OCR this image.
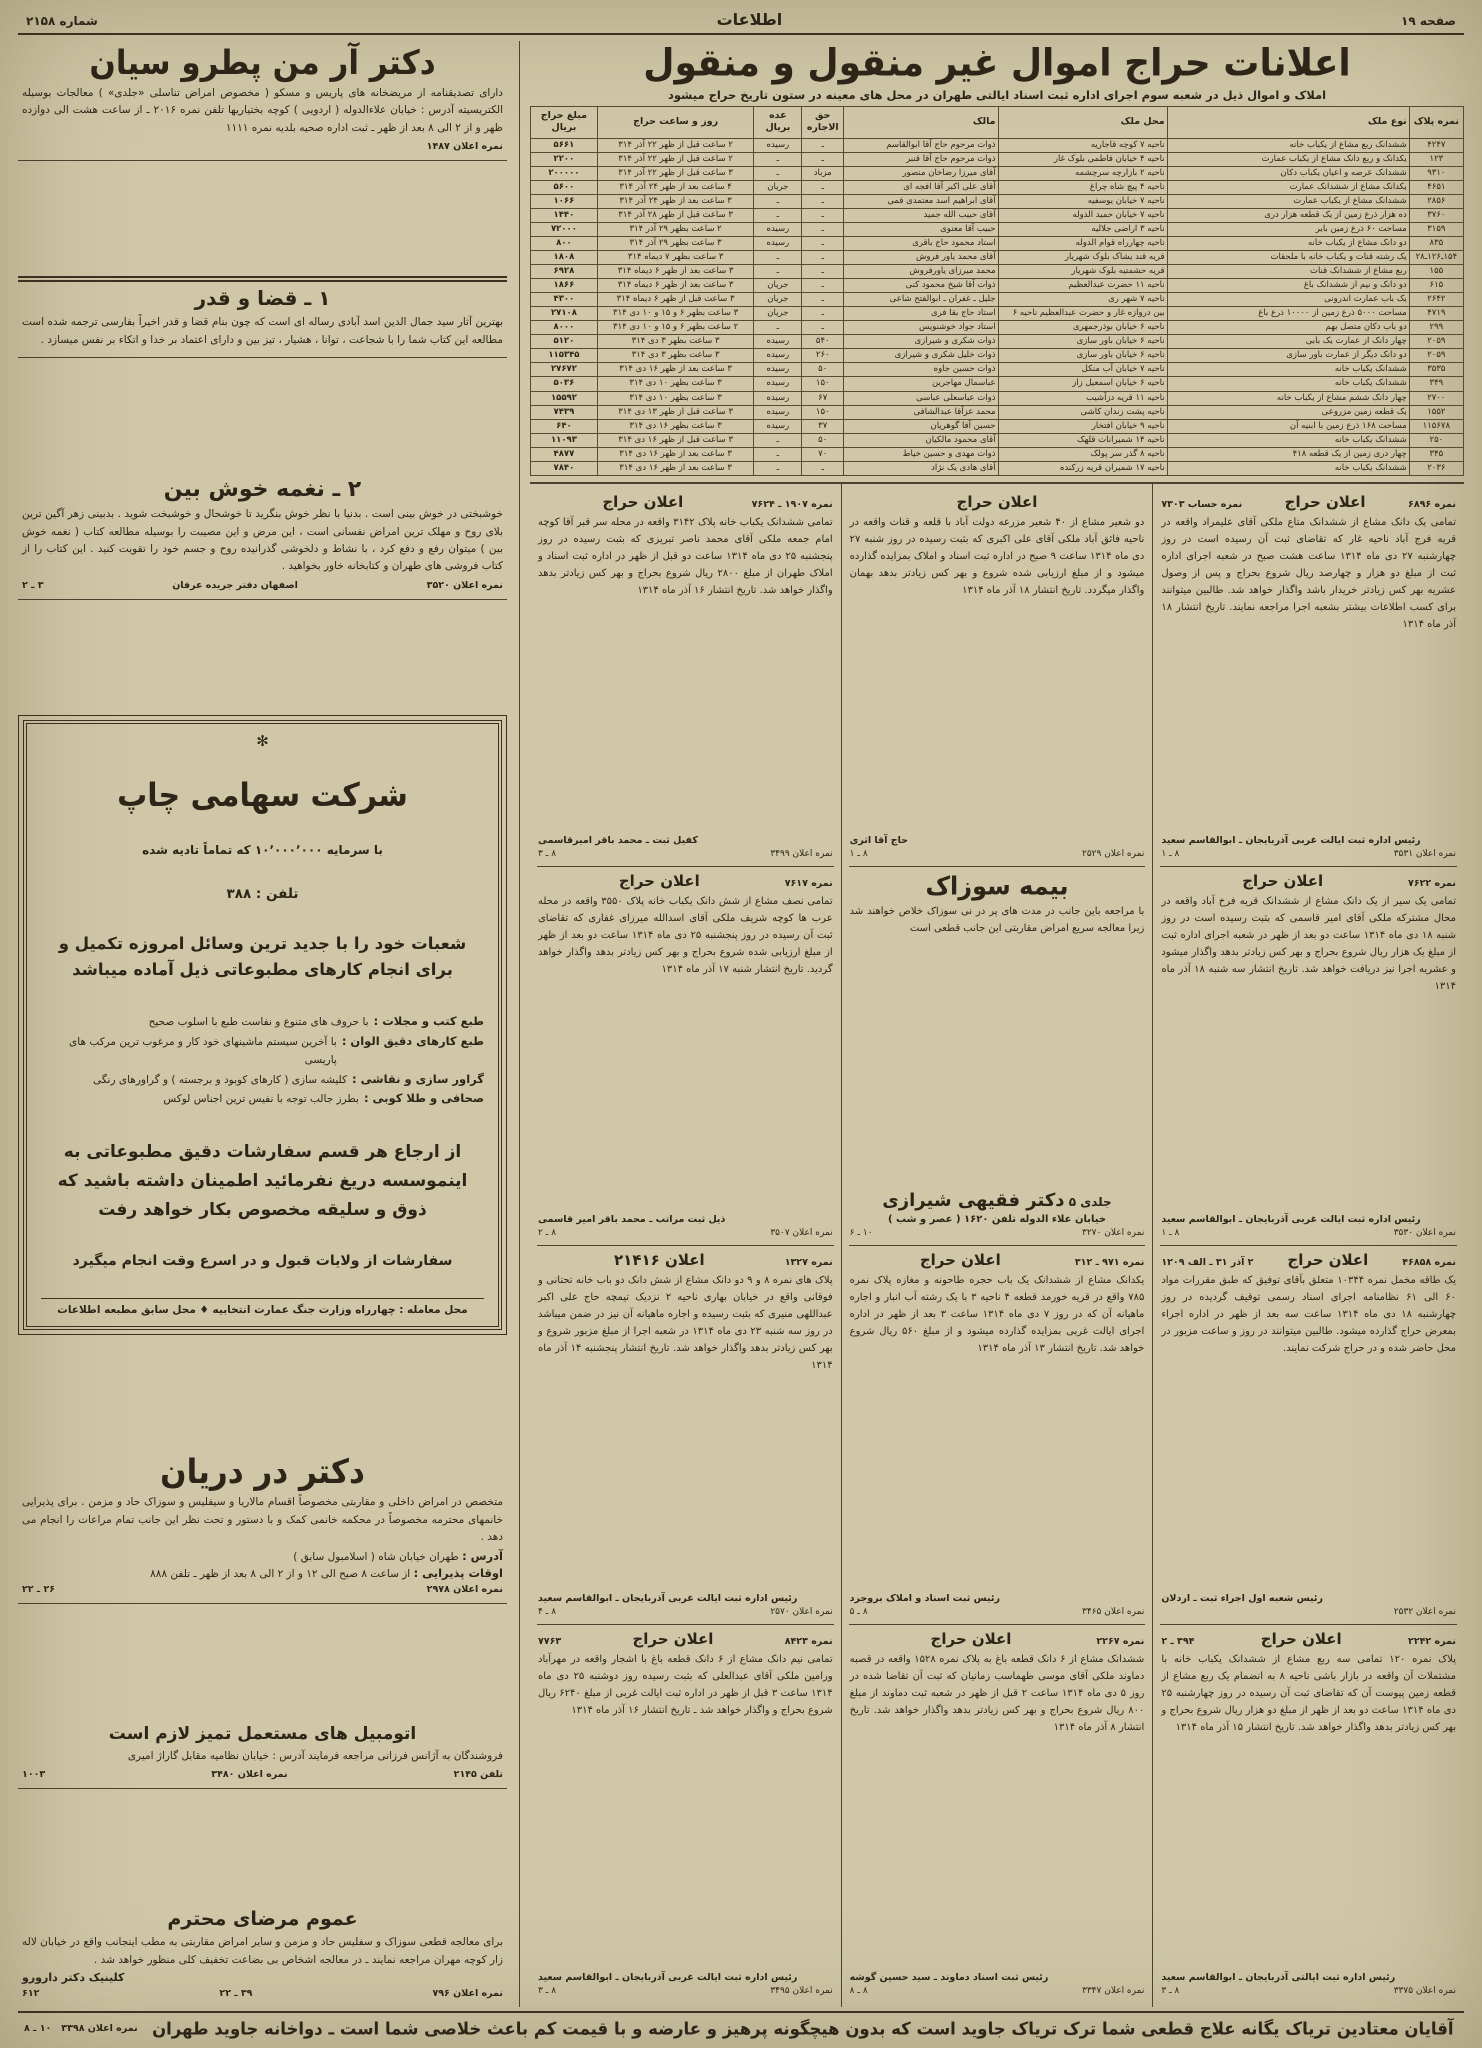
صفحه ۱۹
اطلاعات
شماره ۲۱۵۸
اعلانات حراج اموال غیر منقول و منقول

املاک و اموال ذیل در شعبه سوم اجرای اداره ثبت اسناد ایالتی طهران در محل های معینه در ستون تاریخ حراج میشود

نمره پلاک	نوع ملک	محل ملک	مالک	حق الاجاره	عده بریال	روز و ساعت حراج	مبلغ حراج بریال
۴۲۴۷	ششدانک ربع مشاع از یکباب خانه	ناحیه ۷ کوچه قاجاریه	ذوات مرحوم حاج آقا ابوالقاسم	ـ	رسیده	۲ ساعت قبل از ظهر ۲۲ آذر ۳۱۴	۵۶۶۱
۱۲۳	یکدانک و ربع دانک مشاع از یکباب عمارت	ناحیه ۴ خیابان فاطمی بلوک غار	ذوات مرحوم حاج آقا قنبر	ـ	ـ	۲ ساعت قبل از ظهر ۲۲ آذر ۳۱۴	۲۲۰۰
۹۳۱۰	ششدانک عرصه و اعیان یکباب دکان	ناحیه ۲ بازارچه سرچشمه	آقای میرزا رضاخان منصور	مزباد	ـ	۳ ساعت قبل از ظهر ۲۲ آذر ۳۱۴	۲۰۰۰۰۰
۴۶۵۱	یکدانک مشاع از ششدانک عمارت	ناحیه ۴ پیچ شاه چراغ	آقای علی اکبر آقا افجه ای	ـ	جریان	۴ ساعت بعد از ظهر ۲۴ آذر ۳۱۴	۵۶۰۰
۲۸۵۶	ششدانک مشاع از یکباب عمارت	ناحیه ۷ خیابان یوسفیه	آقای ابراهیم اسد معتمدی قمی	ـ	ـ	۳ ساعت بعد از ظهر ۲۴ آذر ۳۱۴	۱۰۶۶
۳۷۶۰	ده هزار ذرع زمین از یک قطعه هزار دری	ناحیه ۷ خیابان حمید الدوله	آقای حبیب الله جمید	ـ	ـ	۳ ساعت قبل از ظهر ۲۸ آذر ۳۱۴	۱۴۴۰
۳۱۵۹	مساحت ۶۰ ذرع زمین بایر	ناحیه ۳ اراضی جلالیه	حبیب آقا معنوی	ـ	رسیده	۲ ساعت بظهر ۲۹ آذر ۳۱۴	۷۲۰۰۰
۸۳۵	دو دانک مشاع از یکباب خانه	ناحیه چهارراه قوام الدوله	استاد محمود حاج باقری	ـ	رسیده	۳ ساعت بظهر ۲۹ آذر ۳۱۴	۸۰۰
۱۵۴ـ۱۲۶ـ۲۸	یک رشته قنات و یکباب خانه با ملحقات	قریه قند یشاک بلوک شهریار	آقای محمد یاور فروش	ـ	ـ	۳ ساعت بظهر ۷ دیماه ۳۱۴	۱۸۰۸
۱۵۵	ربع مشاع از ششدانک قنات	قریه حشمتیه بلوک شهریار	محمد میرزای یاورفروش	ـ	ـ	۳ ساعت بعد از ظهر ۶ دیماه ۳۱۴	۶۹۲۸
۶۱۵	دو دانک و نیم از ششدانک باغ	ناحیه ۱۱ حضرت عبدالعظیم	ذوات آقا شیخ محمود کنی	ـ	جریان	۳ ساعت بعد از ظهر ۶ دیماه ۳۱۴	۱۸۶۶
۲۶۴۲	یک باب عمارت اندرونی	ناحیه ۷ شهر ری	جلیل ـ غفران ـ ابوالفتح شاعی	ـ	جریان	۳ ساعت قبل از ظهر ۶ دیماه ۳۱۴	۴۳۰۰
۴۷۱۹	مساحت ۵۰۰۰ ذرع زمین از ۱۰۰۰۰ ذرع باغ	بین دروازه غار و حضرت عبدالعظیم ناحیه ۶	استاد حاج بقا فری	ـ	جریان	۳ ساعت بظهر ۶ و ۱۵ و ۱۰ دی ۳۱۴	۲۷۱۰۸
۲۹۹	دو باب دکان متصل بهم	ناحیه ۶ خیابان بوذرجمهری	استاد جواد خوشنویس	ـ	ـ	۲ ساعت بظهر ۶ و ۱۵ و ۱۰ دی ۳۱۴	۸۰۰۰
۲۰۵۹	چهار دانک از عمارت یک بابی	ناحیه ۶ خیابان باور سازی	ذوات شکری و شیرازی	۵۴۰	رسیده	۳ ساعت بظهر ۳ دی ۳۱۴	۵۱۲۰
۲۰۵۹	دو دانک دیگر از عمارت باور سازی	ناحیه ۶ خیابان باور سازی	ذوات خلیل شکری و شیرازی	۲۶۰	رسیده	۳ ساعت بظهر ۳ دی ۳۱۴	۱۱۵۳۴۵
۳۵۳۵	ششدانک یکباب خانه	ناحیه ۷ خیابان آب منکل	ذوات حسین جاوه	۵۰	رسیده	۳ ساعت بعد از ظهر ۱۶ دی ۳۱۴	۲۷۶۷۲
۳۴۹	ششدانک یکباب خانه	ناحیه ۶ خیابان اسمعیل زاز	عباسمال مهاجرین	۱۵۰	رسیده	۳ ساعت بظهر ۱۰ دی ۳۱۴	۵۰۳۶
۲۷۰۰	چهار دانک ششم مشاع از یکباب خانه	ناحیه ۱۱ قریه دزآشیب	ذوات عباسعلی عباسی	۶۷	رسیده	۳ ساعت بظهر ۱۰ دی ۳۱۴	۱۵۵۹۲
۱۵۵۲	یک قطعه زمین مزروعی	ناحیه پشت زندان کاشی	محمد عزآقا عبدالشافی	۱۵۰	رسیده	۳ ساعت قبل از ظهر ۱۳ دی ۳۱۴	۷۴۳۹
۱۱۵۶۷۸	مساحت ۱۶۸ ذرع زمین با ابنیه آن	ناحیه ۹ خیابان افتخار	حسین آقا گوهریان	۳۷	رسیده	۳ ساعت بظهر ۱۶ دی ۳۱۴	۶۴۰
۲۵۰	ششدانک یکباب خانه	ناحیه ۱۴ شمیرانات قلهک	آقای محمود مالکیان	۵۰	ـ	۳ ساعت قبل از ظهر ۱۶ دی ۳۱۴	۱۱۰۹۳
۳۴۵	چهار دری زمین از یک قطعه ۴۱۸	ناحیه ۸ گذر سر پولک	ذوات مهدی و حسین خیاط	۷۰	ـ	۳ ساعت بعد از ظهر ۱۶ دی ۳۱۴	۴۸۷۷
۲۰۳۶	ششدانک یکباب خانه	ناحیه ۱۷ شمیران قریه زرکنده	آقای هادی یک نژاد	ـ	ـ	۳ ساعت بعد از ظهر ۱۶ دی ۳۱۴	۷۸۴۰
نمره ۶۸۹۶
اعلان حراج
نمره حساب ۷۳۰۳

تمامی یک دانک مشاع از ششدانک متاع ملکی آقای علیمراد واقعه در قریه فرج آباد ناحیه غار که تقاضای ثبت آن رسیده است در روز چهارشنبه ۲۷ دی ماه ۱۳۱۴ ساعت هشت صبح در شعبه اجرای اداره ثبت از مبلغ دو هزار و چهارصد ریال شروع بحراج و پس از وصول عشریه بهر کس زیادتر خریدار باشد واگذار خواهد شد. طالبین میتوانند برای کسب اطلاعات بیشتر بشعبه اجرا مراجعه نمایند. تاریخ انتشار ۱۸ آذر ماه ۱۳۱۴

رئیس اداره ثبت ایالت غربی آذربایجان ـ ابوالقاسم سعید
نمره اعلان ۳۵۳۱
۸ ـ ۱
نمره ۷۶۲۲
اعلان حراج

تمامی یک سیر از یک دانک مشاع از ششدانک قریه فرخ آباد واقعه در محال مشترکه ملکی آقای امیر قاسمی که بثبت رسیده است در روز شنبه ۱۸ دی ماه ۱۳۱۴ ساعت دو بعد از ظهر در شعبه اجرای اداره ثبت از مبلغ یک هزار ریال شروع بحراج و بهر کس زیادتر بدهد واگذار میشود و عشریه اجرا نیز دریافت خواهد شد. تاریخ انتشار سه شنبه ۱۸ آذر ماه ۱۳۱۴

رئیس اداره ثبت ایالت غربی آذربایجان ـ ابوالقاسم سعید
نمره اعلان ۳۵۳۰
۸ ـ ۱
نمره ۴۶۸۵۸
اعلان حراج
۲ آذر ۳۱ ـ الف ۱۲۰۹

یک طاقه مخمل نمره ۱۰۳۴۴ متعلق بآقای توفیق که طبق مقررات مواد ۶۰ الی ۶۱ نظامنامه اجرای اسناد رسمی توقیف گردیده در روز چهارشنبه ۱۸ دی ماه ۱۳۱۴ ساعت سه بعد از ظهر در اداره اجراء بمعرض حراج گذارده میشود. طالبین میتوانند در روز و ساعت مزبور در محل حاضر شده و در حراج شرکت نمایند.

رئیس شعبه اول اجراء ثبت ـ اردلان
نمره اعلان ۲۵۳۲
نمره ۲۲۴۲
اعلان حراج
۳۹۴ ـ ۲

پلاک نمره ۱۲۰ تمامی سه ربع مشاع از ششدانک یکباب خانه با مشتملات آن واقعه در بازار باشی ناحیه ۸ به انضمام یک ربع مشاع از قطعه زمین پیوست آن که تقاضای ثبت آن رسیده در روز چهارشنبه ۲۵ دی ماه ۱۳۱۴ ساعت دو بعد از ظهر از مبلغ دو هزار ریال شروع بحراج و بهر کس زیادتر بدهد واگذار خواهد شد. تاریخ انتشار ۱۵ آذر ماه ۱۳۱۴

رئیس اداره ثبت ایالتی آذربایجان ـ ابوالقاسم سعید
نمره اعلان ۳۳۷۵
۸ ـ ۳
اعلان حراج

دو شعیر مشاع از ۴۰ شعیر مزرعه دولت آباد با قلعه و قنات واقعه در ناحیه فائق آباد ملکی آقای علی اکبری که بثبت رسیده در روز شنبه ۲۷ دی ماه ۱۳۱۴ ساعت ۹ صبح در اداره ثبت اسناد و املاک بمزایده گذارده میشود و از مبلغ ارزیابی شده شروع و بهر کس زیادتر بدهد بهمان واگذار میگردد. تاریخ انتشار ۱۸ آذر ماه ۱۳۱۴

حاج آقا اثری
نمره اعلان ۲۵۲۹
۸ ـ ۱
بیمه سوزاک

با مراجعه باین جانب در مدت های پر در نی سوزاک خلاص خواهند شد زیرا معالجه سریع امراض مقاربتی این جانب قطعی است

جلدی ۵ دکتر فقیهی شیرازی
خیابان علاء الدوله تلفن ۱۶۲۰ ( عصر و شب )
نمره اعلان ۳۲۷۰
۱۰ ـ ۶
نمره ۹۷۱ ـ ۳۱۲
اعلان حراج

یکدانک مشاع از ششدانک یک باب حجره طاحونه و مغازه پلاک نمره ۷۸۵ واقع در قریه خورمد قطعه ۴ ناحیه ۳ با یک رشته آب انبار و اجاره ماهیانه آن که در روز ۷ دی ماه ۱۳۱۴ ساعت ۳ بعد از ظهر در اداره اجرای ایالت غربی بمزایده گذارده میشود و از مبلغ ۵۶۰ ریال شروع خواهد شد. تاریخ انتشار ۱۳ آذر ماه ۱۳۱۴

رئیس ثبت اسناد و املاک بروجرد
نمره اعلان ۳۴۶۵
۸ ـ ۵
نمره ۲۲۶۷
اعلان حراج

ششدانک مشاع از ۶ دانک قطعه باغ به پلاک نمره ۱۵۲۸ واقعه در قصبه دماوند ملکی آقای موسی طهماسب زمانیان که ثبت آن تقاضا شده در روز ۵ دی ماه ۱۳۱۴ ساعت ۲ قبل از ظهر در شعبه ثبت دماوند از مبلغ ۸۰۰ ریال شروع بحراج و بهر کس زیادتر بدهد واگذار خواهد شد. تاریخ انتشار ۸ آذر ماه ۱۳۱۴

رئیس ثبت اسناد دماوند ـ سید حسین گوشه
نمره اعلان ۳۳۴۷
۸ ـ ۸
نمره ۱۹۰۷ ـ ۷۶۲۴
اعلان حراج

تمامی ششدانک یکباب خانه پلاک ۳۱۴۲ واقعه در محله سر قبر آقا کوچه امام جمعه ملکی آقای محمد ناصر تبریزی که بثبت رسیده در روز پنجشنبه ۲۵ دی ماه ۱۳۱۴ ساعت دو قبل از ظهر در اداره ثبت اسناد و املاک طهران از مبلغ ۲۸۰۰ ریال شروع بحراج و بهر کس زیادتر بدهد واگذار خواهد شد. تاریخ انتشار ۱۶ آذر ماه ۱۳۱۴

کفیل ثبت ـ محمد باقر امیرقاسمی
نمره اعلان ۳۴۹۹
۸ ـ ۳
نمره ۷۶۱۷
اعلان حراج

تمامی نصف مشاع از شش دانک یکباب خانه پلاک ۳۵۵۰ واقعه در محله عرب ها کوچه شریف ملکی آقای اسدالله میرزای غفاری که تقاضای ثبت آن رسیده در روز پنجشنبه ۲۵ دی ماه ۱۳۱۴ ساعت دو بعد از ظهر از مبلغ ارزیابی شده شروع بحراج و بهر کس زیادتر بدهد واگذار خواهد گردید. تاریخ انتشار شنبه ۱۷ آذر ماه ۱۳۱۴

ذیل ثبت مراتب ـ محمد باقر امیر قاسمی
نمره اعلان ۳۵۰۷
۸ ـ ۲
نمره ۱۳۲۷
اعلان ۲۱۴۱۶

پلاک های نمره ۸ و ۹ دو دانک مشاع از شش دانک دو باب خانه تحتانی و فوقانی واقع در خیابان بهاری ناحیه ۲ نزدیک تیمچه حاج علی اکبر عبداللهی منیری که بثبت رسیده و اجاره ماهیانه آن نیز در ضمن میباشد در روز سه شنبه ۲۳ دی ماه ۱۳۱۴ در شعبه اجرا از مبلغ مزبور شروع و بهر کس زیادتر بدهد واگذار خواهد شد. تاریخ انتشار پنجشنبه ۱۴ آذر ماه ۱۳۱۴

رئیس اداره ثبت ایالت غربی آذربایجان ـ ابوالقاسم سعید
نمره اعلان ۲۵۷۰
۸ ـ ۴
نمره ۸۴۲۳
اعلان حراج
۷۷۶۳

تمامی نیم دانک مشاع از ۶ دانک قطعه باغ با اشجار واقعه در مهرآباد ورامین ملکی آقای عبدالعلی که بثبت رسیده روز دوشنبه ۲۵ دی ماه ۱۳۱۴ ساعت ۳ قبل از ظهر در اداره ثبت ایالت غربی از مبلغ ۶۲۴۰ ریال شروع بحراج و واگذار خواهد شد ـ تاریخ انتشار ۱۶ آذر ماه ۱۳۱۴

رئیس اداره ثبت ایالت غربی آذربایجان ـ ابوالقاسم سعید
نمره اعلان ۳۴۹۵
۸ ـ ۳
دکتر آر من پطرو سیان

دارای تصدیقنامه از مریضخانه های پاریس و مسکو ( مخصوص امراض تناسلی «جلدی» ) معالجات بوسیله الکتریسیته آدرس : خیابان علاءالدوله ( اردویی ) کوچه بختیاریها تلفن نمره ۲۰۱۶ ـ از ساعت هشت الی دوازده ظهر و از ۲ الی ۸ بعد از ظهر ـ ثبت اداره صحیه بلدیه نمره ۱۱۱۱

نمره اعلان ۱۴۸۷
۱ ـ قضا و قدر

بهترین آثار سید جمال الدین اسد آبادی رساله ای است که چون بنام قضا و قدر اخیراً بفارسی ترجمه شده است مطالعه این کتاب شما را با شجاعت ، توانا ، هشیار ، تیز بین و دارای اعتماد بر خدا و اتکاء بر نفس میسازد .

۲ ـ نغمه خوش بین

خوشبختی در خوش بینی است . بدنیا با نظر خوش بنگرید تا خوشحال و خوشبخت شوید . بدبینی زهر آگین ترین بلای روح و مهلک ترین امراض نفسانی است ، این مرض و این مصیبت را بوسیله مطالعه کتاب ( نغمه خوش بین ) میتوان رفع و دفع کرد ، با نشاط و دلخوشی گذرانیده روح و جسم خود را تقویت کنید . این کتاب را از کتاب فروشی های طهران و کتابخانه خاور بخواهید .

نمره اعلان ۳۵۲۰
اصفهان دفتر جریده عرفان
۳ ـ ۲
✻
شرکت سهامی چاپ
با سرمایه ۱۰٬۰۰۰٬۰۰۰ که تماماً تادیه شده
تلفن : ۳۸۸

شعبات خود را با جدید ترین وسائل امروزه تکمیل و برای انجام کارهای مطبوعاتی ذیل آماده میباشد

طبع کتب و مجلات :
با حروف های متنوع و نفاست طبع با اسلوب صحیح
طبع کارهای دقیق الوان :
با آخرین سیستم ماشینهای خود کار و مرغوب ترین مرکب های پاریسی
گراور سازی و نقاشی :
کلیشه سازی ( کارهای کوبود و برجسته ) و گراورهای رنگی
صحافی و طلا کوبی :
بطرز جالب توجه با نفیس ترین اجناس لوکس

از ارجاع هر قسم سفارشات دقیق مطبوعاتی به اینموسسه دریغ نفرمائید اطمینان داشته باشید که ذوق و سلیقه مخصوص بکار خواهد رفت

سفارشات از ولایات قبول و در اسرع وقت انجام میگیرد

محل معامله : چهارراه وزارت جنگ عمارت انتخابیه ♦ محل سابق مطبعه اطلاعات
دکتر در دریان

متخصص در امراض داخلی و مقاربتی مخصوصاً اقسام مالاریا و سیفلیس و سوزاک حاد و مزمن . برای پذیرایی خانمهای محترمه مخصوصاً در محکمه خانمی کمک و با دستور و تحت نظر این جانب تمام مراعات را انجام می دهد .

آدرس : طهران خیابان شاه ( اسلامبول سابق )
اوقات پذیرایی : از ساعت ۸ صبح الی ۱۲ و از ۲ الی ۸ بعد از ظهر ـ تلفن ۸۸۸
نمره اعلان ۲۹۷۸
۲۶ ـ ۲۲
اتومبیل های مستعمل تمیز لازم است

فروشندگان به آژانس فرزانی مراجعه فرمایند آدرس : خیابان نظامیه مقابل گاراژ امیری

تلفن ۲۱۴۵
نمره اعلان ۳۴۸۰
۱۰۰۳
عموم مرضای محترم

برای معالجه قطعی سوزاک و سفلیس حاد و مزمن و سایر امراض مقاربتی به مطب اینجانب واقع در خیابان لاله زار کوچه مهران مراجعه نمایند ـ در معالجه اشخاص بی بضاعت تخفیف کلی منظور خواهد شد .

کلینیک دکتر دارورو
نمره اعلان ۷۹۶
۳۹ ـ ۲۲
۶۱۲
آقایان معتادین تریاک یگانه علاج قطعی شما ترک تریاک جاوید است که بدون هیچگونه پرهیز و عارضه و با قیمت کم باعث خلاصی شما است ـ دواخانه جاوید طهران
نمره اعلان ۳۳۹۸
۱۰ ـ ۸
